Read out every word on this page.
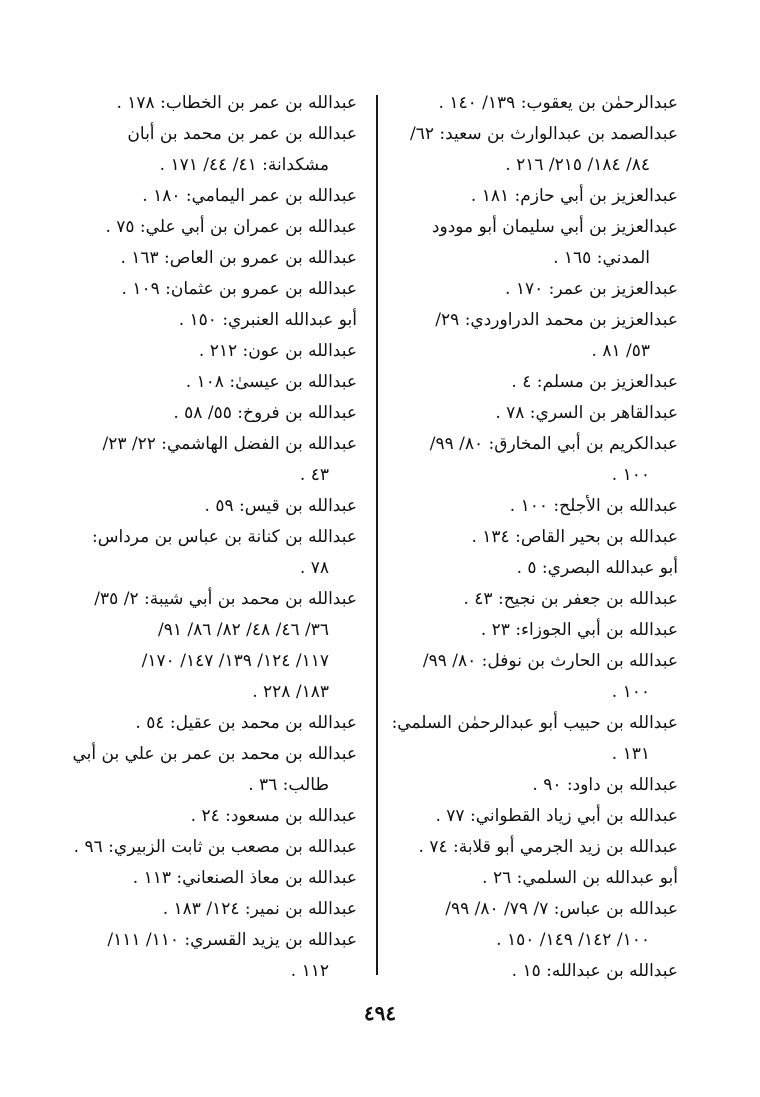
عبدالرحمٰن بن يعقوب: ١٣٩/ ١٤٠ .
عبدالصمد بن عبدالوارث بن سعيد: ٦٢/
٨٤/ ١٨٤/ ٢١٥/ ٢١٦ .
عبدالعزيز بن أبي حازم: ١٨١ .
عبدالعزيز بن أبي سليمان أبو مودود
المدني: ١٦٥ .
عبدالعزيز بن عمر: ١٧٠ .
عبدالعزيز بن محمد الدراوردي: ٢٩/
٥٣/ ٨١ .
عبدالعزيز بن مسلم: ٤ .
عبدالقاهر بن السري: ٧٨ .
عبدالكريم بن أبي المخارق: ٨٠/ ٩٩/
١٠٠ .
عبدالله بن الأجلح: ١٠٠ .
عبدالله بن بحير القاص: ١٣٤ .
أبو عبدالله البصري: ٥ .
عبدالله بن جعفر بن نجيح: ٤٣ .
عبدالله بن أبي الجوزاء: ٢٣ .
عبدالله بن الحارث بن نوفل: ٨٠/ ٩٩/
١٠٠ .
عبدالله بن حبيب أبو عبدالرحمٰن السلمي:
١٣١ .
عبدالله بن داود: ٩٠ .
عبدالله بن أبي زياد القطواني: ٧٧ .
عبدالله بن زيد الجرمي أبو قلابة: ٧٤ .
أبو عبدالله بن السلمي: ٢٦ .
عبدالله بن عباس: ٧/ ٧٩/ ٨٠/ ٩٩/
١٠٠/ ١٤٢/ ١٤٩/ ١٥٠ .
عبدالله بن عبدالله: ١٥ .
عبدالله بن عمر بن الخطاب: ١٧٨ .
عبدالله بن عمر بن محمد بن أبان
مشكدانة: ٤١/ ٤٤/ ١٧١ .
عبدالله بن عمر اليمامي: ١٨٠ .
عبدالله بن عمران بن أبي علي: ٧٥ .
عبدالله بن عمرو بن العاص: ١٦٣ .
عبدالله بن عمرو بن عثمان: ١٠٩ .
أبو عبدالله العنبري: ١٥٠ .
عبدالله بن عون: ٢١٢ .
عبدالله بن عيسىٰ: ١٠٨ .
عبدالله بن فروخ: ٥٥/ ٥٨ .
عبدالله بن الفضل الهاشمي: ٢٢/ ٢٣/
٤٣ .
عبدالله بن قيس: ٥٩ .
عبدالله بن كنانة بن عباس بن مرداس:
٧٨ .
عبدالله بن محمد بن أبي شيبة: ٢/ ٣٥/
٣٦/ ٤٦/ ٤٨/ ٨٢/ ٨٦/ ٩١/
١١٧/ ١٢٤/ ١٣٩/ ١٤٧/ ١٧٠/
١٨٣/ ٢٢٨ .
عبدالله بن محمد بن عقيل: ٥٤ .
عبدالله بن محمد بن عمر بن علي بن أبي
طالب: ٣٦ .
عبدالله بن مسعود: ٢٤ .
عبدالله بن مصعب بن ثابت الزبيري: ٩٦ .
عبدالله بن معاذ الصنعاني: ١١٣ .
عبدالله بن نمير: ١٢٤/ ١٨٣ .
عبدالله بن يزيد القسري: ١١٠/ ١١١/
١١٢ .
٤٩٤
